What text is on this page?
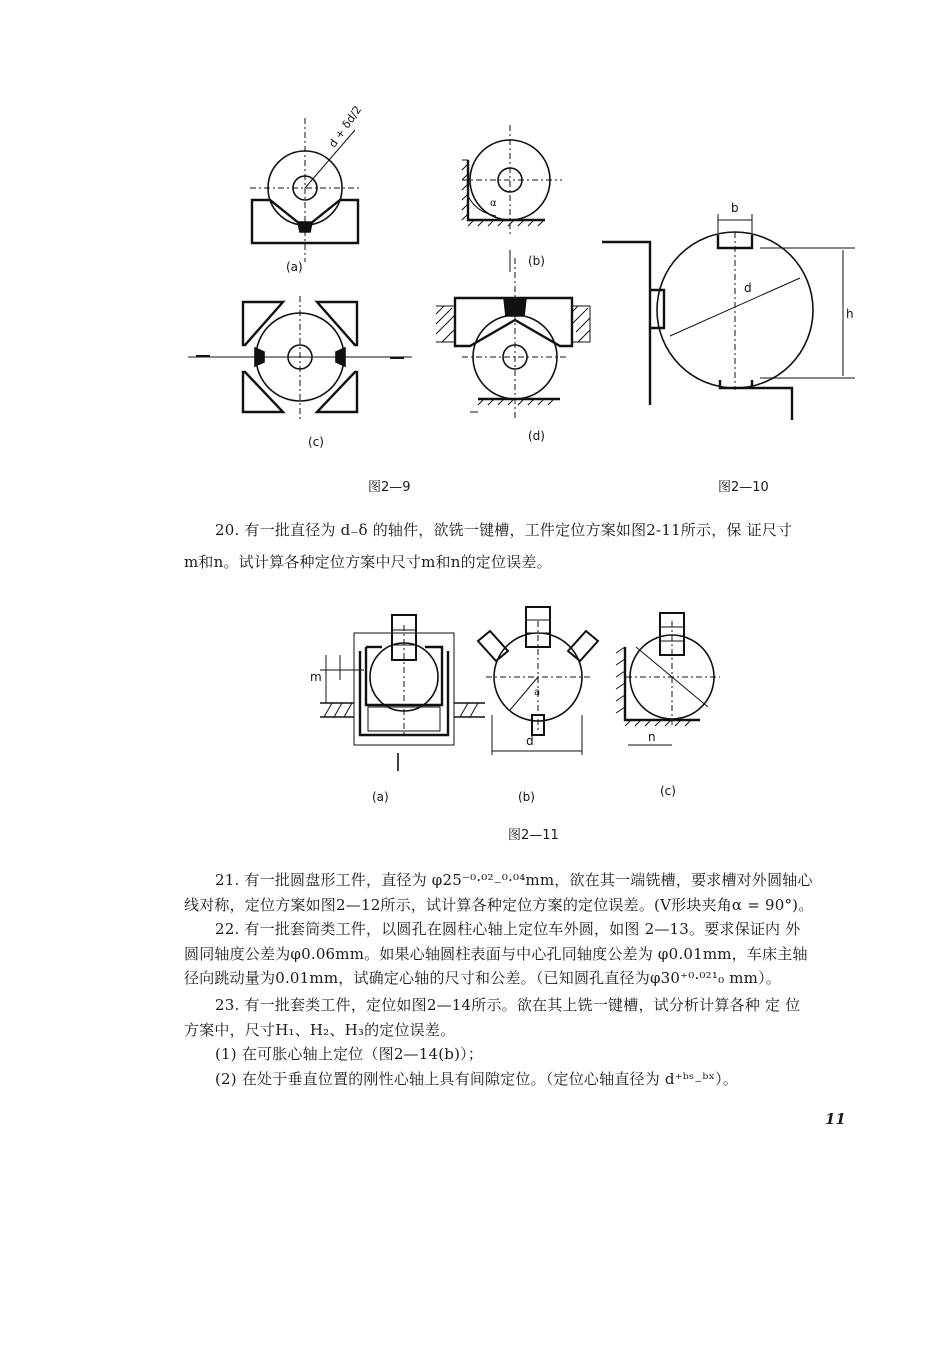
d + δd/2
α	b
d
h
(a)	(b)
(c)	(d)
图2—9	图2—10
20. 有一批直径为 d₋δ 的轴件，欲铣一键槽，工件定位方案如图2-11所示，保 证尺寸
m和n。试计算各种定位方案中尺寸m和n的定位误差。
m
n
d
a
(a)	(b)	(c)
图2—11
21. 有一批圆盘形工件，直径为 φ25⁻⁰·⁰²₋⁰·⁰⁴mm，欲在其一端铣槽，要求槽对外圆轴心
线对称，定位方案如图2—12所示，试计算各种定位方案的定位误差。(V形块夹角α = 90°)。
22. 有一批套筒类工件，以圆孔在圆柱心轴上定位车外圆，如图 2—13。要求保证内 外
圆同轴度公差为φ0.06mm。如果心轴圆柱表面与中心孔同轴度公差为 φ0.01mm，车床主轴
径向跳动量为0.01mm，试确定心轴的尺寸和公差。（已知圆孔直径为φ30⁺⁰·⁰²¹₀ mm）。
23. 有一批套类工件，定位如图2—14所示。欲在其上铣一键槽，试分析计算各种 定 位
方案中，尺寸H₁、H₂、H₃的定位误差。
(1) 在可胀心轴上定位（图2—14(b)）；
(2) 在处于垂直位置的刚性心轴上具有间隙定位。（定位心轴直径为 d⁺ᵇˢ₋ᵇˣ）。
11
